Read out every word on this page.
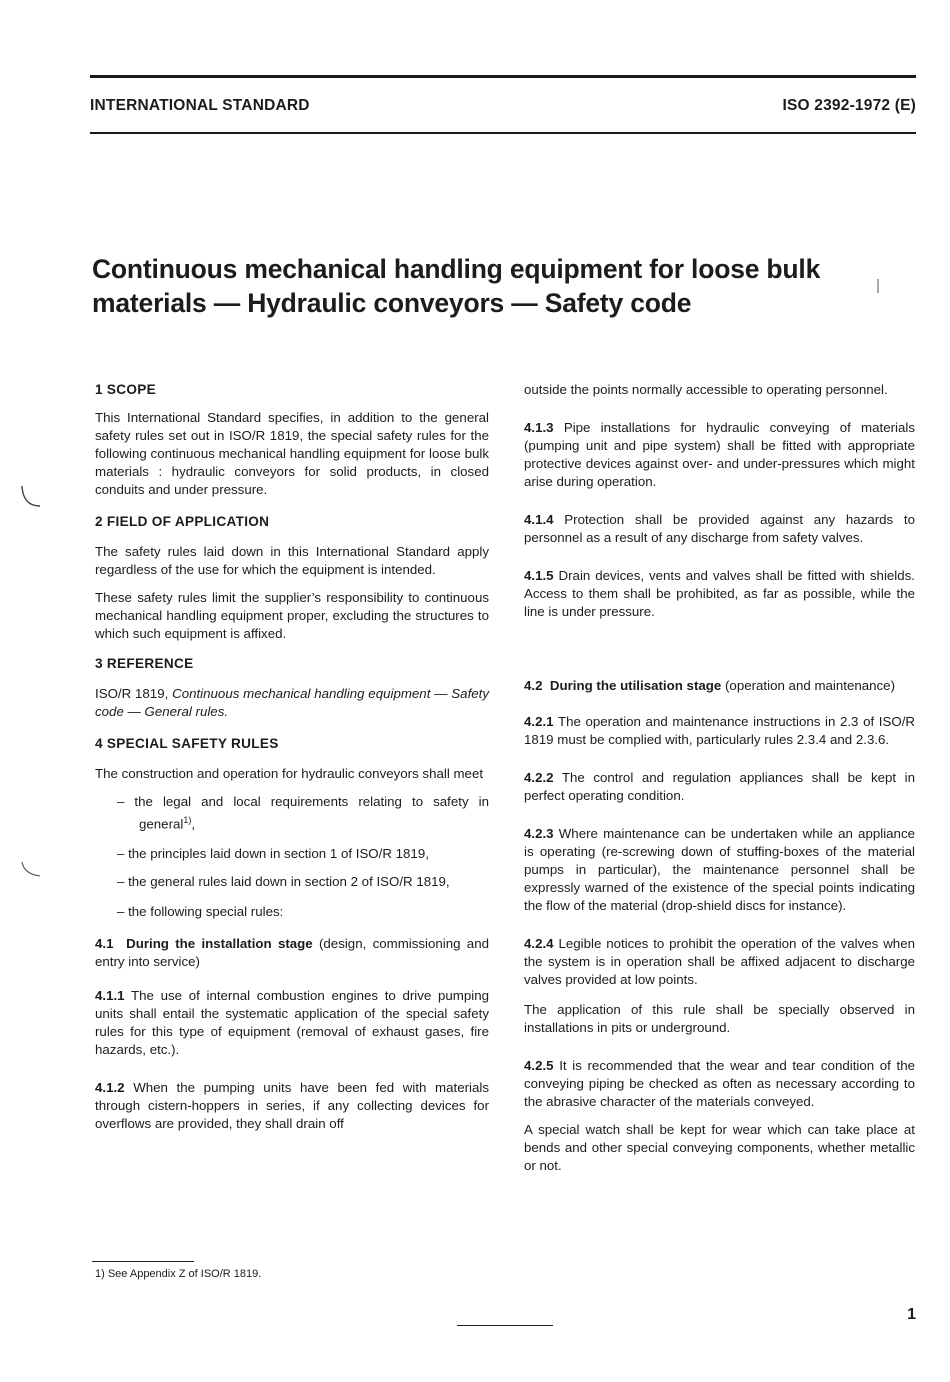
INTERNATIONAL STANDARD	ISO 2392-1972 (E)
Continuous mechanical handling equipment for loose bulk
materials — Hydraulic conveyors — Safety code
1 SCOPE

This International Standard specifies, in addition to the general safety rules set out in ISO/R 1819, the special safety rules for the following continuous mechanical handling equipment for loose bulk materials : hydraulic conveyors for solid products, in closed conduits and under pressure.

2 FIELD OF APPLICATION

The safety rules laid down in this International Standard apply regardless of the use for which the equipment is intended.

These safety rules limit the supplier’s responsibility to continuous mechanical handling equipment proper, excluding the structures to which such equipment is affixed.

3 REFERENCE

ISO/R 1819, Continuous mechanical handling equipment — Safety code — General rules.

4 SPECIAL SAFETY RULES

The construction and operation for hydraulic conveyors shall meet

– the legal and local requirements relating to safety in general$^{1)}$,

– the principles laid down in section 1 of ISO/R 1819,

– the general rules laid down in section 2 of ISO/R 1819,

– the following special rules:

4.1 During the installation stage (design, commissioning and entry into service)

4.1.1 The use of internal combustion engines to drive pumping units shall entail the systematic application of the special safety rules for this type of equipment (removal of exhaust gases, fire hazards, etc.).

4.1.2 When the pumping units have been fed with materials through cistern-hoppers in series, if any collecting devices for overflows are provided, they shall drain off

outside the points normally accessible to operating personnel.

4.1.3 Pipe installations for hydraulic conveying of materials (pumping unit and pipe system) shall be fitted with appropriate protective devices against over- and under-pressures which might arise during operation.

4.1.4 Protection shall be provided against any hazards to personnel as a result of any discharge from safety valves.

4.1.5 Drain devices, vents and valves shall be fitted with shields. Access to them shall be prohibited, as far as possible, while the line is under pressure.

4.2 During the utilisation stage (operation and maintenance)

4.2.1 The operation and maintenance instructions in 2.3 of ISO/R 1819 must be complied with, particularly rules 2.3.4 and 2.3.6.

4.2.2 The control and regulation appliances shall be kept in perfect operating condition.

4.2.3 Where maintenance can be undertaken while an appliance is operating (re-screwing down of stuffing-boxes of the material pumps in particular), the maintenance personnel shall be expressly warned of the existence of the special points indicating the flow of the material (drop-shield discs for instance).

4.2.4 Legible notices to prohibit the operation of the valves when the system is in operation shall be affixed adjacent to discharge valves provided at low points.

The application of this rule shall be specially observed in installations in pits or underground.

4.2.5 It is recommended that the wear and tear condition of the conveying piping be checked as often as necessary according to the abrasive character of the materials conveyed.

A special watch shall be kept for wear which can take place at bends and other special conveying components, whether metallic or not.

1) See Appendix Z of ISO/R 1819.
1
